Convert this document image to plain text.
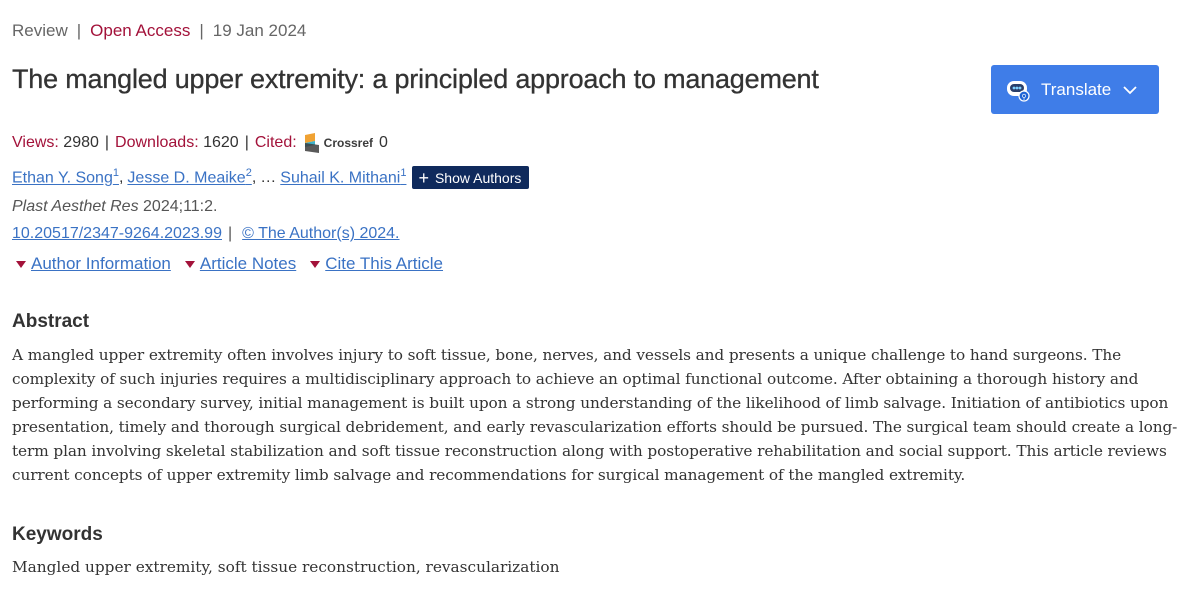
Review | Open Access | 19 Jan 2024
The mangled upper extremity: a principled approach to management
⚲ Translate
Views:
2980 | Downloads:
1620 | Cited: Crossref 0
Ethan Y. Song$^1$ , Jesse D. Meaike$^2$ , … Suhail K. Mithani$^1$ + Show Authors
Plast Aesthet Res 2024;11:2.
10.20517/2347-9264.2023.99 | © The Author(s) 2024.
Author Information Article Notes Cite This Article
Abstract

A mangled upper extremity often involves injury to soft tissue, bone, nerves, and vessels and presents a unique challenge to hand surgeons. The complexity of such injuries requires a multidisciplinary approach to achieve an optimal functional outcome. After obtaining a thorough history and performing a secondary survey, initial management is built upon a strong understanding of the likelihood of limb salvage. Initiation of antibiotics upon presentation, timely and thorough surgical debridement, and early revascularization efforts should be pursued. The surgical team should create a long-term plan involving skeletal stabilization and soft tissue reconstruction along with postoperative rehabilitation and social support. This article reviews current concepts of upper extremity limb salvage and recommendations for surgical management of the mangled extremity.

Keywords

Mangled upper extremity, soft tissue reconstruction, revascularization
